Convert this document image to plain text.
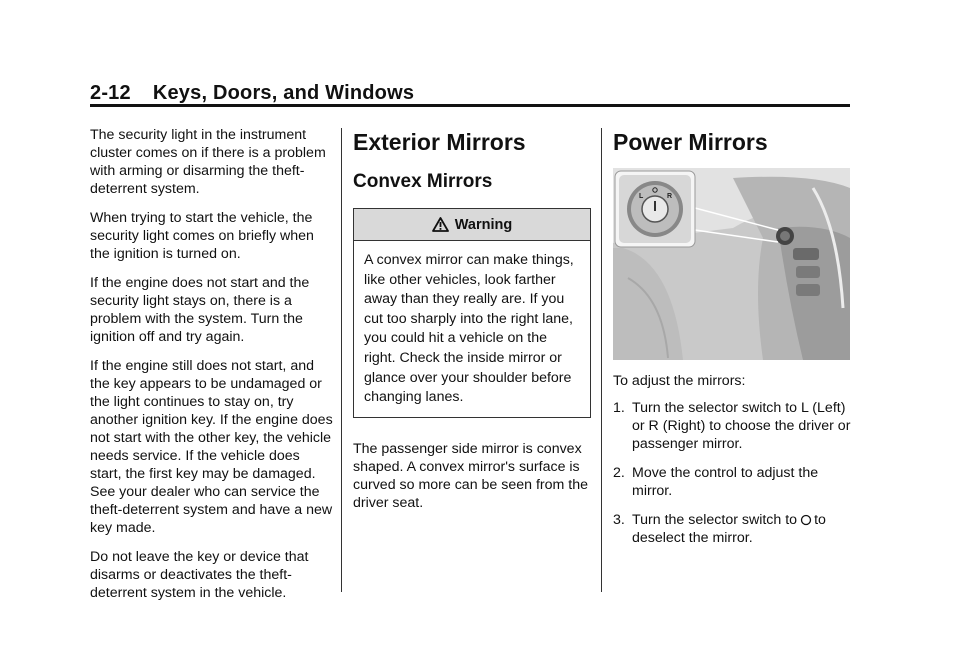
2-12 Keys, Doors, and Windows

The security light in the instrument cluster comes on if there is a problem with arming or disarming the theft-deterrent system.

When trying to start the vehicle, the security light comes on briefly when the ignition is turned on.

If the engine does not start and the security light stays on, there is a problem with the system. Turn the ignition off and try again.

If the engine still does not start, and the key appears to be undamaged or the light continues to stay on, try another ignition key. If the engine does not start with the other key, the vehicle needs service. If the vehicle does start, the first key may be damaged. See your dealer who can service the theft-deterrent system and have a new key made.

Do not leave the key or device that disarms or deactivates the theft-deterrent system in the vehicle.

Exterior Mirrors
Convex Mirrors
Warning
A convex mirror can make things, like other vehicles, look farther away than they really are. If you cut too sharply into the right lane, you could hit a vehicle on the right. Check the inside mirror or glance over your shoulder before changing lanes.

The passenger side mirror is convex shaped. A convex mirror's surface is curved so more can be seen from the driver seat.

Power Mirrors
L	R

To adjust the mirrors:

1. Turn the selector switch to L (Left) or R (Right) to choose the driver or passenger mirror.
2. Move the control to adjust the mirror.
3. Turn the selector switch to to deselect the mirror.
